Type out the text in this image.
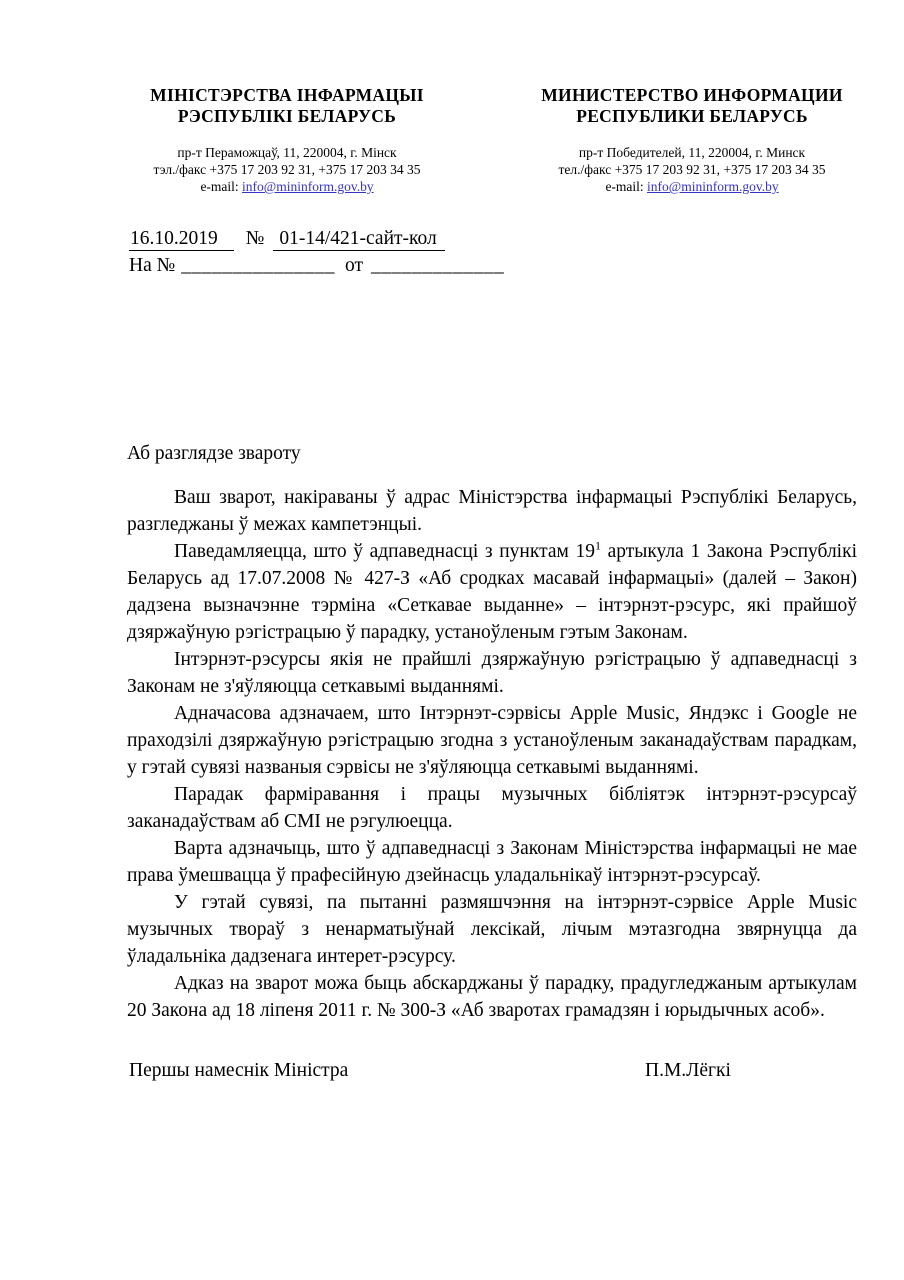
МІНІСТЭРСТВА ІНФАРМАЦЫІ
РЭСПУБЛІКІ БЕЛАРУСЬ
пр-т Пераможцаў, 11, 220004, г. Мінск
тэл./факс +375 17 203 92 31, +375 17 203 34 35
e-mail: info@mininform.gov.by
МИНИСТЕРСТВО ИНФОРМАЦИИ
РЕСПУБЛИКИ БЕЛАРУСЬ
пр-т Победителей, 11, 220004, г. Минск
тел./факс +375 17 203 92 31, +375 17 203 34 35
e-mail: info@mininform.gov.by
16.10.2019 № 01-14/421-сайт-кол
На № _______________ от _____________
Аб разглядзе звароту

Ваш зварот, накіраваны ў адрас Міністэрства інфармацыі Рэспублікі Беларусь, разгледжаны ў межах кампетэнцыі.

Паведамляецца, што ў адпаведнасці з пунктам $19^1$ артыкула 1 Закона Рэспублікі Беларусь ад 17.07.2008 № 427-З «Аб сродках масавай інфармацыі» (далей – Закон) дадзена вызначэнне тэрміна «Сеткавае выданне» – інтэрнэт-рэсурс, які прайшоў дзяржаўную рэгістрацыю ў парадку, устаноўленым гэтым Законам.

Інтэрнэт-рэсурсы якія не прайшлі дзяржаўную рэгістрацыю ў адпаведнасці з Законам не з'яўляюцца сеткавымі выданнямі.

Адначасова адзначаем, што Інтэрнэт-сэрвісы Apple Music, Яндэкс і Google не праходзілі дзяржаўную рэгістрацыю згодна з устаноўленым заканадаўствам парадкам, у гэтай сувязі названыя сэрвісы не з'яўляюцца сеткавымі выданнямі.

Парадак фарміравання і працы музычных бібліятэк інтэрнэт-рэсурсаў заканадаўствам аб СМІ не рэгулюецца.

Варта адзначыць, што ў адпаведнасці з Законам Міністэрства інфармацыі не мае права ўмешвацца ў прафесійную дзейнасць уладальнікаў інтэрнэт-рэсурсаў.

У гэтай сувязі, па пытанні размяшчэння на інтэрнэт-сэрвісе Apple Music музычных твораў з ненарматыўнай лексікай, лічым мэтазгодна звярнуцца да ўладальніка дадзенага интерет-рэсурсу.

Адказ на зварот можа быць абскарджаны ў парадку, прадугледжаным артыкулам 20 Закона ад 18 ліпеня 2011 г. № 300-З «Аб зваротах грамадзян і юрыдычных асоб».

Першы намеснік Міністра	П.М.Лёгкі
